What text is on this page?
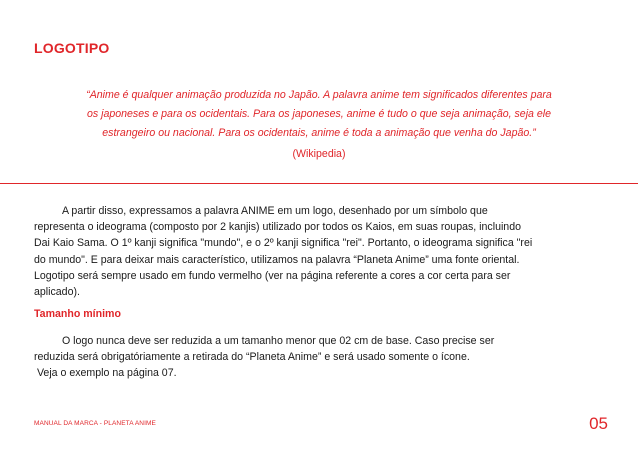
LOGOTIPO
“Anime é qualquer animação produzida no Japão. A palavra anime tem significados diferentes para
os japoneses e para os ocidentais. Para os japoneses, anime é tudo o que seja animação, seja ele
estrangeiro ou nacional. Para os ocidentais, anime é toda a animação que venha do Japão.”
(Wikipedia)

A partir disso, expressamos a palavra ANIME em um logo, desenhado por um símbolo que

representa o ideograma (composto por 2 kanjis) utilizado por todos os Kaios, em suas roupas, incluindo

Dai Kaio Sama. O 1º kanji significa "mundo", e o 2º kanji significa "rei". Portanto, o ideograma significa "rei

do mundo". E para deixar mais característico, utilizamos na palavra “Planeta Anime” uma fonte oriental.

Logotipo será sempre usado em fundo vermelho (ver na página referente a cores a cor certa para ser

aplicado).

Tamanho mínimo

O logo nunca deve ser reduzida a um tamanho menor que 02 cm de base. Caso precise ser

reduzida será obrigatóriamente a retirada do “Planeta Anime” e será usado somente o ícone.

Veja o exemplo na página 07.

MANUAL DA MARCA - PLANETA ANIME	05
